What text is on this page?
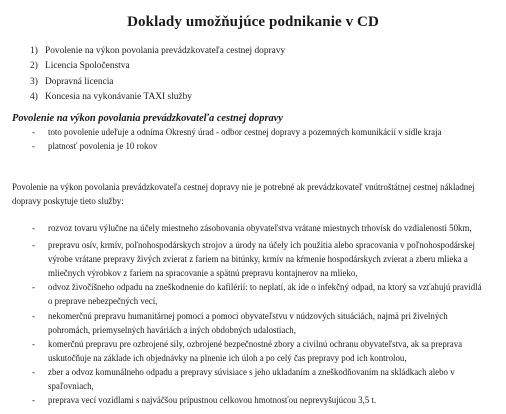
Doklady umožňujúce podnikanie v CD
1) Povolenie na výkon povolania prevádzkovateľa cestnej dopravy
2) Licencia Spoločenstva
3) Dopravná licencia
4) Koncesia na vykonávanie TAXI služby
Povolenie na výkon povolania prevádzkovateľa cestnej dopravy
- toto povolenie udeľuje a odníma Okresný úrad - odbor cestnej dopravy a pozemných komunikácií v sídle kraja
- platnosť povolenia je 10 rokov
Povolenie na výkon povolania prevádzkovateľa cestnej dopravy nie je potrebné ak prevádzkovateľ vnútroštátnej cestnej nákladnej dopravy poskytuje tieto služby:
- rozvoz tovaru výlučne na účely miestneho zásobovania obyvateľstva vrátane miestnych trhovísk do vzdialenosti 50km,
- prepravu osív, krmív, poľnohospodárskych strojov a úrody na účely ich použitia alebo spracovania v poľnohospodárskej výrobe vrátane prepravy živých zvierat z fariem na bitúnky, krmív na kŕmenie hospodárskych zvierat a zberu mlieka a mliečnych výrobkov z fariem na spracovanie a spätnú prepravu kontajnerov na mlieko,
- odvoz živočíšneho odpadu na zneškodnenie do kafilérií: to neplatí, ak ide o infekčný odpad, na ktorý sa vzťahujú pravidlá o preprave nebezpečných vecí,
- nekomerčnú prepravu humanitárnej pomoci a pomoci obyvateľstvu v núdzových situáciách, najmä pri živelných pohromách, priemyselných haváriách a iných obdobných udalostiach,
- komerčnú prepravu pre ozbrojené sily, ozbrojené bezpečnostné zbory a civilnú ochranu obyvateľstva, ak sa preprava uskutočňuje na základe ich objednávky na plnenie ich úloh a po celý čas prepravy pod ich kontrolou,
- zber a odvoz komunálneho odpadu a prepravy súvisiace s jeho ukladaním a zneškodňovaním na skládkach alebo v spaľovniach,
- preprava vecí vozidlami s najväčšou prípustnou celkovou hmotnosťou neprevyšujúcou 3,5 t.
